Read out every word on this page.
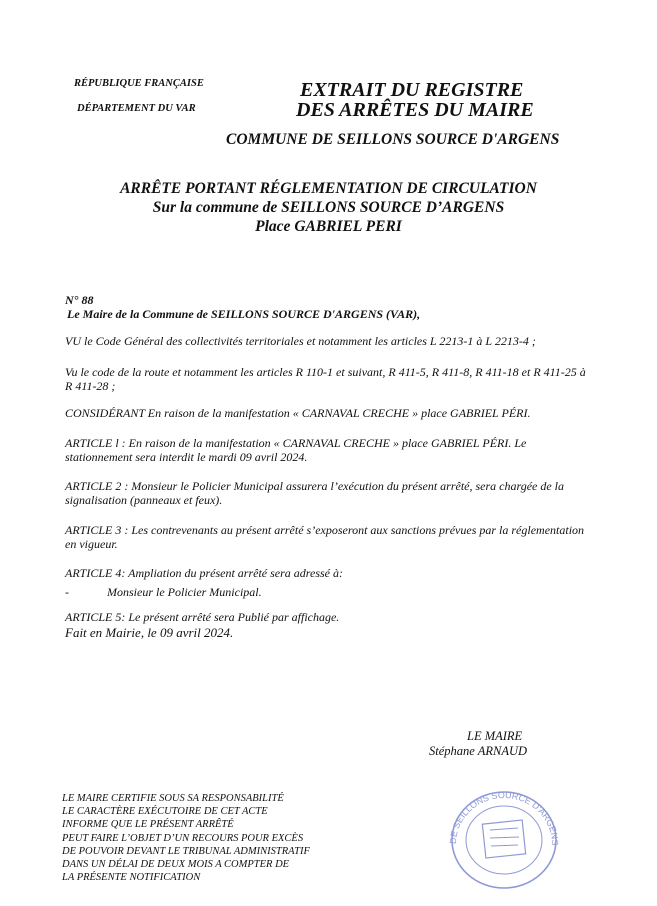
RÉPUBLIQUE FRANÇAISE
DÉPARTEMENT DU VAR
EXTRAIT DU REGISTRE
DES ARRÊTES DU MAIRE
COMMUNE DE SEILLONS SOURCE D'ARGENS
ARRÊTE PORTANT RÉGLEMENTATION DE CIRCULATION
Sur la commune de SEILLONS SOURCE D’ARGENS
Place GABRIEL PERI
N° 88
Le Maire de la Commune de SEILLONS SOURCE D'ARGENS (VAR),
VU le Code Général des collectivités territoriales et notamment les articles L 2213-1 à L 2213-4 ;
Vu le code de la route et notamment les articles R 110-1 et suivant, R 411-5, R 411-8, R 411-18 et R 411-25 à R 411-28 ;
CONSIDÉRANT En raison de la manifestation « CARNAVAL CRECHE » place GABRIEL PÉRI.
ARTICLE l : En raison de la manifestation « CARNAVAL CRECHE » place GABRIEL PÉRI. Le stationnement sera interdit le mardi 09 avril 2024.
ARTICLE 2 : Monsieur le Policier Municipal assurera l’exécution du présent arrêté, sera chargée de la signalisation (panneaux et feux).
ARTICLE 3 : Les contrevenants au présent arrêté s’exposeront aux sanctions prévues par la réglementation en vigueur.
ARTICLE 4: Ampliation du présent arrêté sera adressé à:
-	Monsieur le Policier Municipal.
ARTICLE 5: Le présent arrêté sera Publié par affichage.
Fait en Mairie, le 09 avril 2024.
LE MAIRE
Stéphane ARNAUD
LE MAIRE CERTIFIE SOUS SA RESPONSABILITÉ
LE CARACTÈRE EXÉCUTOIRE DE CET ACTE
INFORME QUE LE PRÉSENT ARRÊTÉ
PEUT FAIRE L’OBJET D’UN RECOURS POUR EXCÈS
DE POUVOIR DEVANT LE TRIBUNAL ADMINISTRATIF
DANS UN DÉLAI DE DEUX MOIS A COMPTER DE
LA PRÉSENTE NOTIFICATION
DE SEILLONS SOURCE D'ARGENS
